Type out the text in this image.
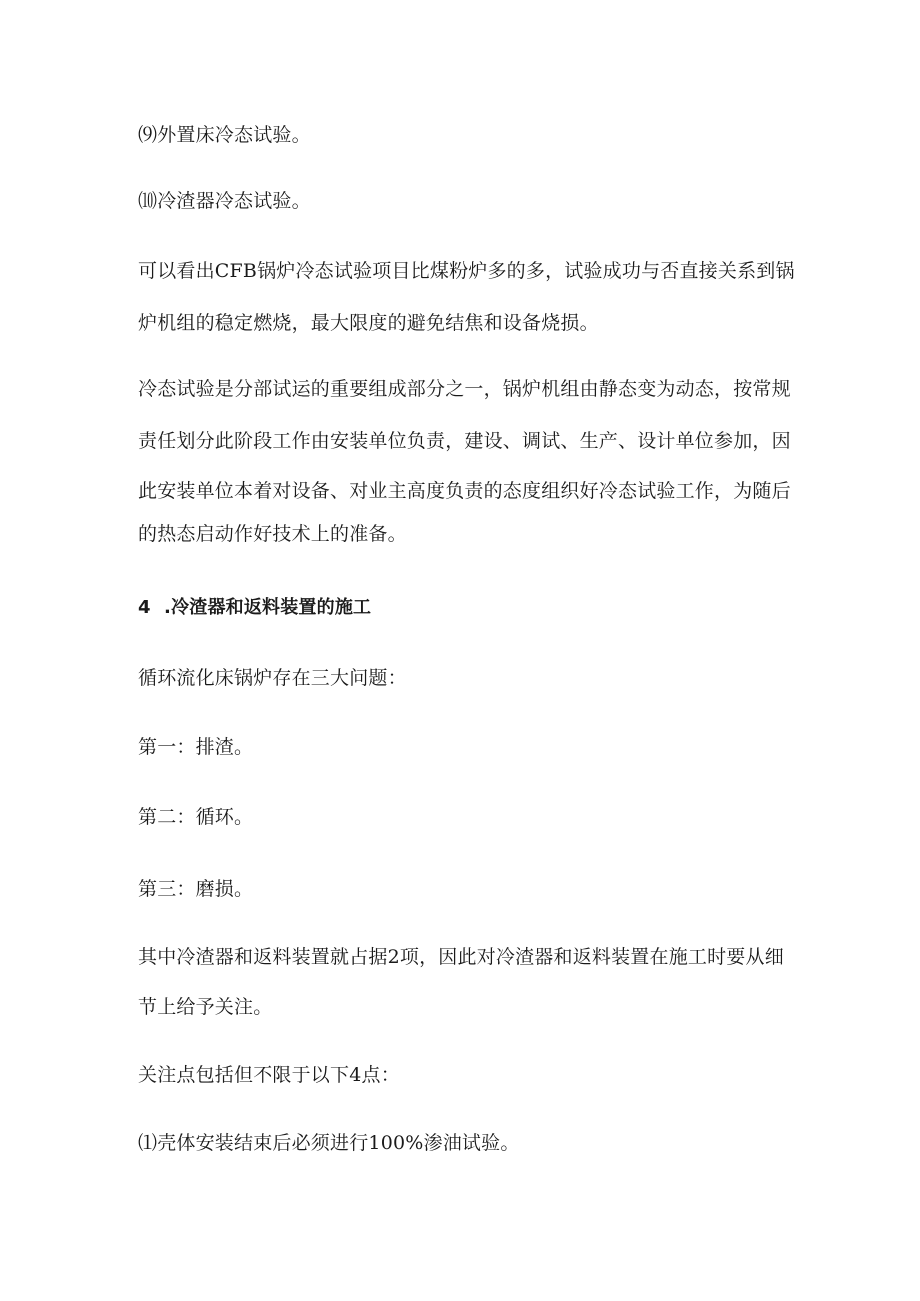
⑼外置床冷态试验。
⑽冷渣器冷态试验。
可以看出CFB锅炉冷态试验项目比煤粉炉多的多，试验成功与否直接关系到锅
炉机组的稳定燃烧，最大限度的避免结焦和设备烧损。
冷态试验是分部试运的重要组成部分之一，锅炉机组由静态变为动态，按常规
责任划分此阶段工作由安装单位负责，建设、调试、生产、设计单位参加，因
此安装单位本着对设备、对业主高度负责的态度组织好冷态试验工作，为随后
的热态启动作好技术上的准备。
4 .冷渣器和返料装置的施工
循环流化床锅炉存在三大问题：
第一：排渣。
第二：循环。
第三：磨损。
其中冷渣器和返料装置就占据2项，因此对冷渣器和返料装置在施工时要从细
节上给予关注。
关注点包括但不限于以下4点：
⑴壳体安装结束后必须进行100%渗油试验。
